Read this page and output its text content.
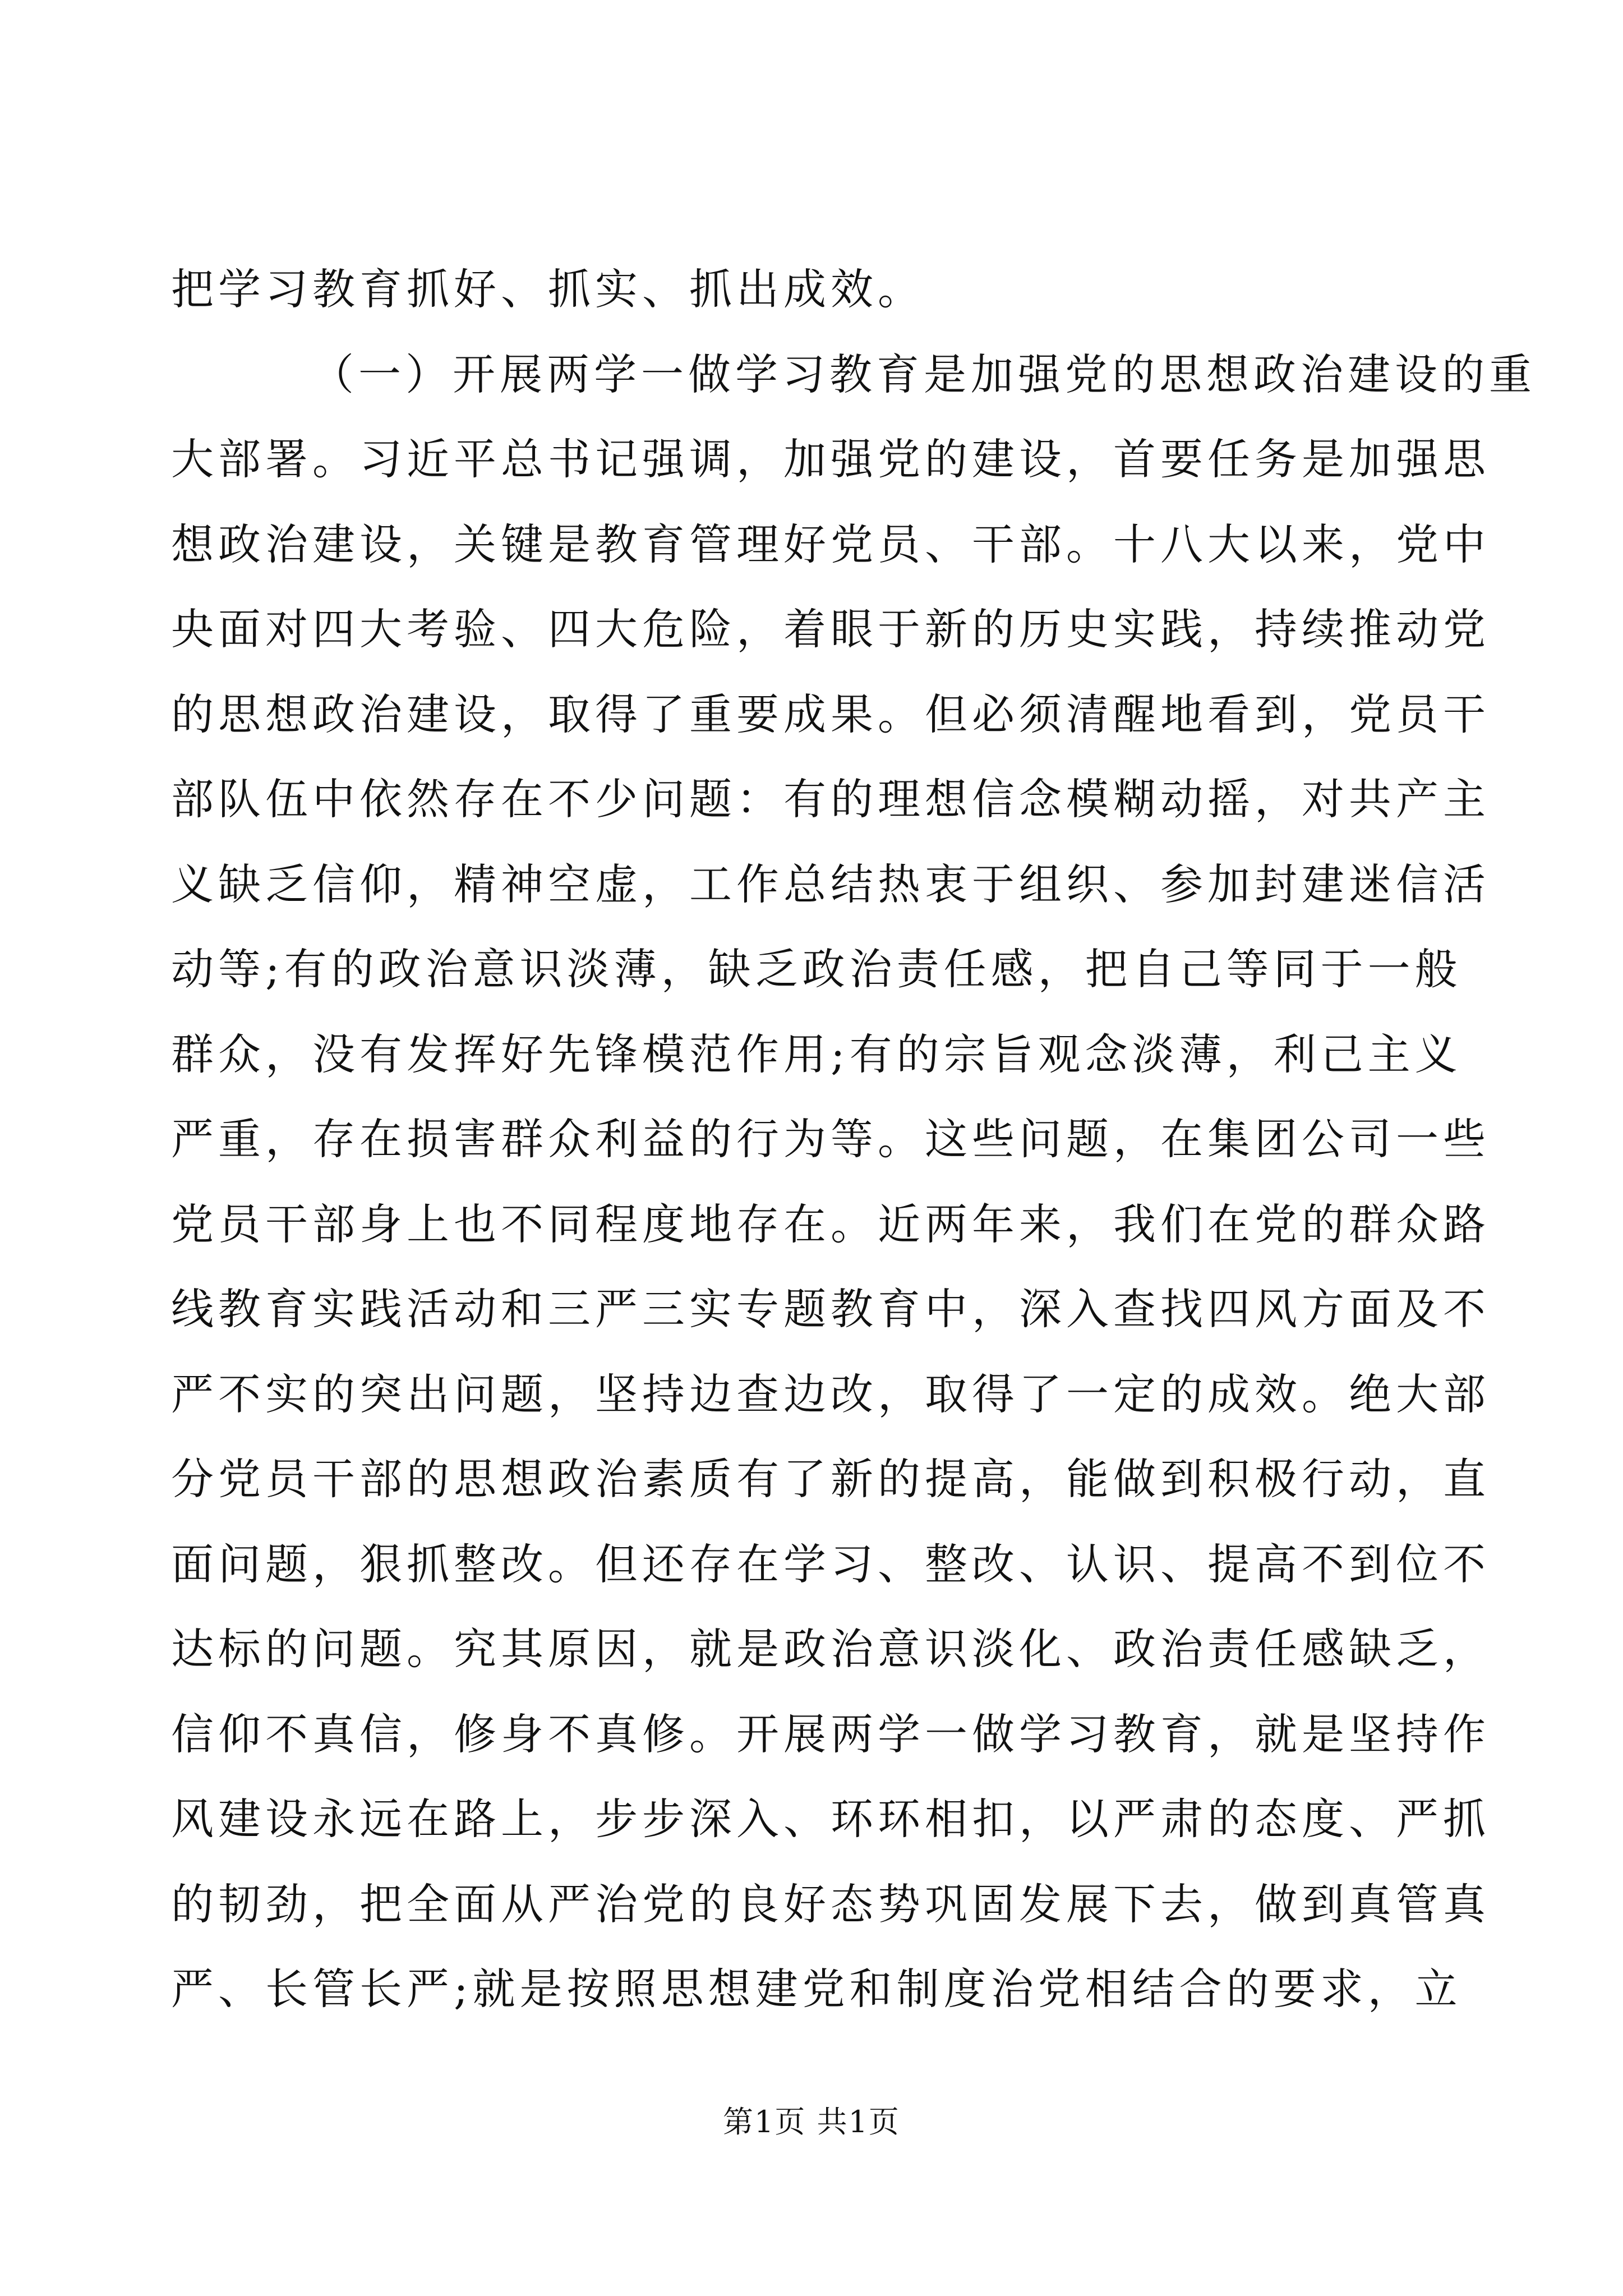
把学习教育抓好、抓实、抓出成效。
（一）开展两学一做学习教育是加强党的思想政治建设的重
大部署。习近平总书记强调，加强党的建设，首要任务是加强思
想政治建设，关键是教育管理好党员、干部。十八大以来，党中
央面对四大考验、四大危险，着眼于新的历史实践，持续推动党
的思想政治建设，取得了重要成果。但必须清醒地看到，党员干
部队伍中依然存在不少问题：有的理想信念模糊动摇，对共产主
义缺乏信仰，精神空虚，工作总结热衷于组织、参加封建迷信活
动等;有的政治意识淡薄，缺乏政治责任感，把自己等同于一般
群众，没有发挥好先锋模范作用;有的宗旨观念淡薄，利己主义
严重，存在损害群众利益的行为等。这些问题，在集团公司一些
党员干部身上也不同程度地存在。近两年来，我们在党的群众路
线教育实践活动和三严三实专题教育中，深入查找四风方面及不
严不实的突出问题，坚持边查边改，取得了一定的成效。绝大部
分党员干部的思想政治素质有了新的提高，能做到积极行动，直
面问题，狠抓整改。但还存在学习、整改、认识、提高不到位不
达标的问题。究其原因，就是政治意识淡化、政治责任感缺乏，
信仰不真信，修身不真修。开展两学一做学习教育，就是坚持作
风建设永远在路上，步步深入、环环相扣，以严肃的态度、严抓
的韧劲，把全面从严治党的良好态势巩固发展下去，做到真管真
严、长管长严;就是按照思想建党和制度治党相结合的要求，立
第1页 共1页
